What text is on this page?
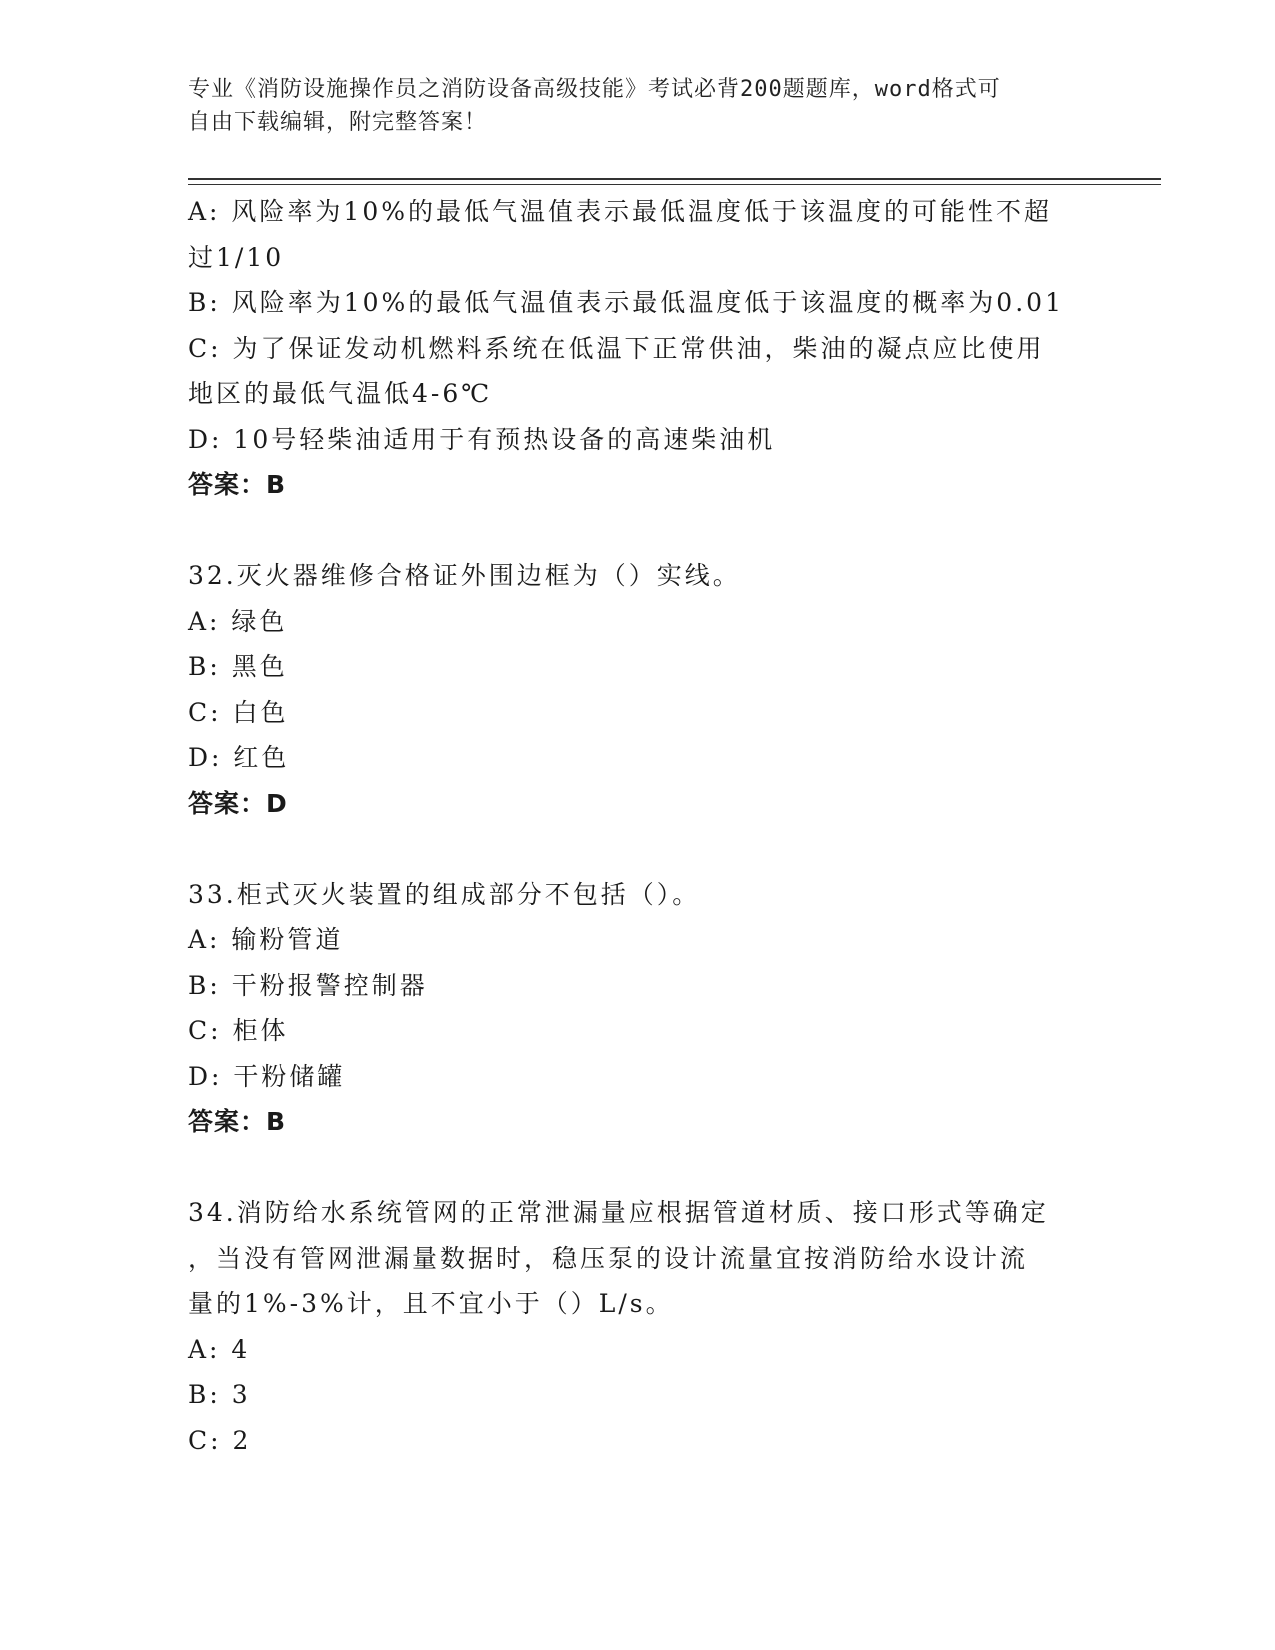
专业《消防设施操作员之消防设备高级技能》考试必背200题题库，word格式可
自由下载编辑，附完整答案！
A: 风险率为10%的最低气温值表示最低温度低于该温度的可能性不超
过1/10
B: 风险率为10%的最低气温值表示最低温度低于该温度的概率为0.01
C: 为了保证发动机燃料系统在低温下正常供油，柴油的凝点应比使用
地区的最低气温低4-6℃
D: 10号轻柴油适用于有预热设备的高速柴油机
答案：B
32.灭火器维修合格证外围边框为（）实线。
A: 绿色
B: 黑色
C: 白色
D: 红色
答案：D
33.柜式灭火装置的组成部分不包括（）。
A: 输粉管道
B: 干粉报警控制器
C: 柜体
D: 干粉储罐
答案：B
34.消防给水系统管网的正常泄漏量应根据管道材质、接口形式等确定
，当没有管网泄漏量数据时，稳压泵的设计流量宜按消防给水设计流
量的1%-3%计，且不宜小于（）L/s。
A: 4
B: 3
C: 2
